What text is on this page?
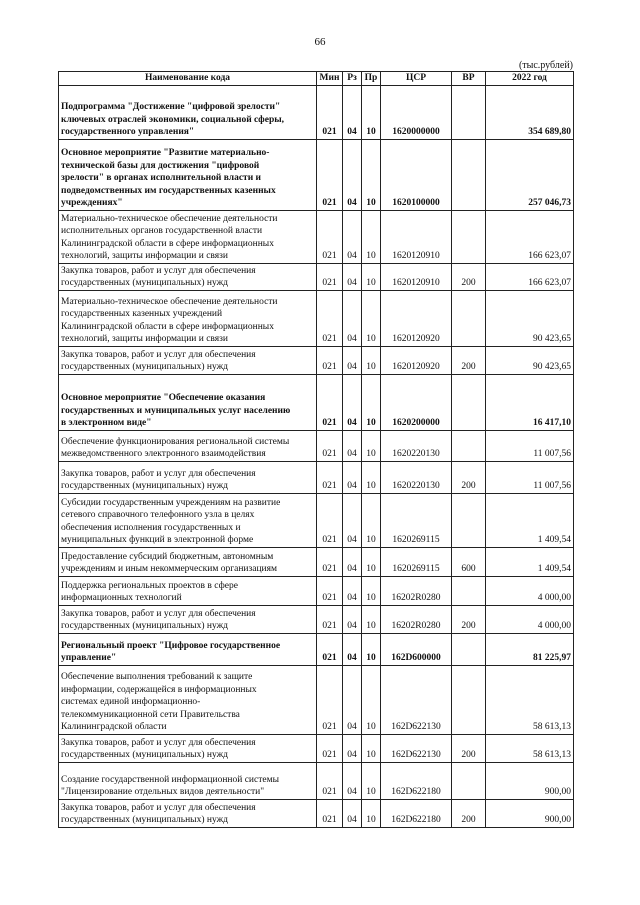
66
(тыс.рублей)
Наименование кода	Мин	Рз	Пр	ЦСР	ВР	2022 год

Подпрограмма "Достижение "цифровой зрелости"
ключевых отраслей экономики, социальной сферы,
государственного управления"	021	04	10	1620000000		354 689,80

Основное мероприятие "Развитие материально-
технической базы для достижения "цифровой
зрелости" в органах исполнительной власти и
подведомственных им государственных казенных
учреждениях"	021	04	10	1620100000		257 046,73

Материально-техническое обеспечение деятельности
исполнительных органов государственной власти
Калининградской области в сфере информационных
технологий, защиты информации и связи	021	04	10	1620120910		166 623,07

Закупка товаров, работ и услуг для обеспечения
государственных (муниципальных) нужд	021	04	10	1620120910	200	166 623,07

Материально-техническое обеспечение деятельности
государственных казенных учреждений
Калининградской области в сфере информационных
технологий, защиты информации и связи	021	04	10	1620120920		90 423,65

Закупка товаров, работ и услуг для обеспечения
государственных (муниципальных) нужд	021	04	10	1620120920	200	90 423,65

Основное мероприятие "Обеспечение оказания
государственных и муниципальных услуг населению
в электронном виде"	021	04	10	1620200000		16 417,10

Обеспечение функционирования региональной системы
межведомственного электронного взаимодействия	021	04	10	1620220130		11 007,56

Закупка товаров, работ и услуг для обеспечения
государственных (муниципальных) нужд	021	04	10	1620220130	200	11 007,56

Субсидии государственным учреждениям на развитие
сетевого справочного телефонного узла в целях
обеспечения исполнения государственных и
муниципальных функций в электронной форме	021	04	10	1620269115		1 409,54

Предоставление субсидий бюджетным, автономным
учреждениям и иным некоммерческим организациям	021	04	10	1620269115	600	1 409,54

Поддержка региональных проектов в сфере
информационных технологий	021	04	10	16202R0280		4 000,00

Закупка товаров, работ и услуг для обеспечения
государственных (муниципальных) нужд	021	04	10	16202R0280	200	4 000,00

Региональный проект "Цифровое государственное
управление"	021	04	10	162D600000		81 225,97

Обеспечение выполнения требований к защите
информации, содержащейся в информационных
системах единой информационно-
телекоммуникационной сети Правительства
Калининградской области	021	04	10	162D622130		58 613,13

Закупка товаров, работ и услуг для обеспечения
государственных (муниципальных) нужд	021	04	10	162D622130	200	58 613,13

Создание государственной информационной системы
"Лицензирование отдельных видов деятельности"	021	04	10	162D622180		900,00

Закупка товаров, работ и услуг для обеспечения
государственных (муниципальных) нужд	021	04	10	162D622180	200	900,00
